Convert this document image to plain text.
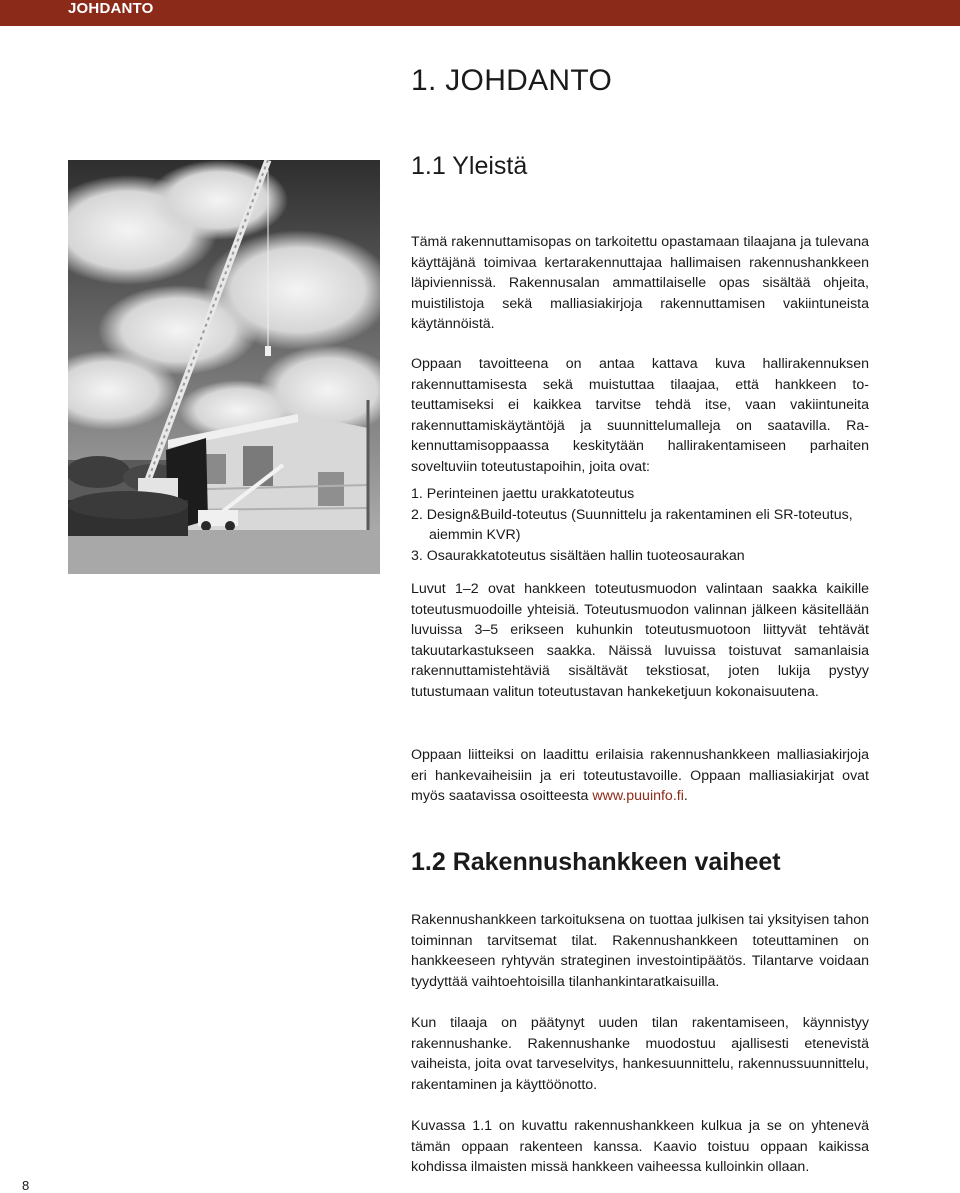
JOHDANTO
1. JOHDANTO
1.1 Yleistä

Tämä rakennuttamisopas on tarkoitettu opastamaan tilaajana ja tulevana käyttäjänä toimivaa kertarakennuttajaa hallimaisen rakennushankkeen läpiviennissä. Rakennusalan ammattilaiselle opas sisältää ohjeita, muistilistoja sekä malliasiakirjoja rakennuttamisen vakiintuneista käytännöistä.

Oppaan tavoitteena on antaa kattava kuva hallirakennuksen rakennuttamisesta sekä muistuttaa tilaajaa, että hankkeen toteuttamiseksi ei kaikkea tarvitse tehdä itse, vaan vakiintuneita rakennuttamiskäytäntöjä ja suunnittelumalleja on saatavilla. Rakennuttamisoppaassa keskitytään hallirakentamiseen parhaiten soveltuviin toteutustapoihin, joita ovat:

1. Perinteinen jaettu urakkatoteutus
2. Design&Build-toteutus (Suunnittelu ja rakentaminen eli SR-toteutus, aiemmin KVR)
3. Osaurakkatoteutus sisältäen hallin tuoteosaurakan

Luvut 1–2 ovat hankkeen toteutusmuodon valintaan saakka kaikille toteutusmuodoille yhteisiä. Toteutusmuodon valinnan jälkeen käsitellään luvuissa 3–5 erikseen kuhunkin toteutusmuotoon liittyvät tehtävät takuutarkastukseen saakka. Näissä luvuissa toistuvat samanlaisia rakennuttamistehtäviä sisältävät tekstiosat, joten lukija pystyy tutustumaan valitun toteutustavan hankeketjuun kokonaisuutena.

Oppaan liitteiksi on laadittu erilaisia rakennushankkeen malliasiakirjoja eri hankevaiheisiin ja eri toteutustavoille. Oppaan malliasiakirjat ovat myös saatavissa osoitteesta www.puuinfo.fi.

1.2 Rakennushankkeen vaiheet

Rakennushankkeen tarkoituksena on tuottaa julkisen tai yksityisen tahon toiminnan tarvitsemat tilat. Rakennushankkeen toteuttaminen on hankkeeseen ryhtyvän strateginen investointipäätös. Tilantarve voidaan tyydyttää vaihtoehtoisilla tilanhankintaratkaisuilla.

Kun tilaaja on päätynyt uuden tilan rakentamiseen, käynnistyy rakennushanke. Rakennushanke muodostuu ajallisesti etenevistä vaiheista, joita ovat tarveselvitys, hankesuunnittelu, rakennussuunnittelu, rakentaminen ja käyttöönotto.

Kuvassa 1.1 on kuvattu rakennushankkeen kulkua ja se on yhtenevä tämän oppaan rakenteen kanssa. Kaavio toistuu oppaan kaikissa kohdissa ilmaisten missä hankkeen vaiheessa kulloinkin ollaan.

8
